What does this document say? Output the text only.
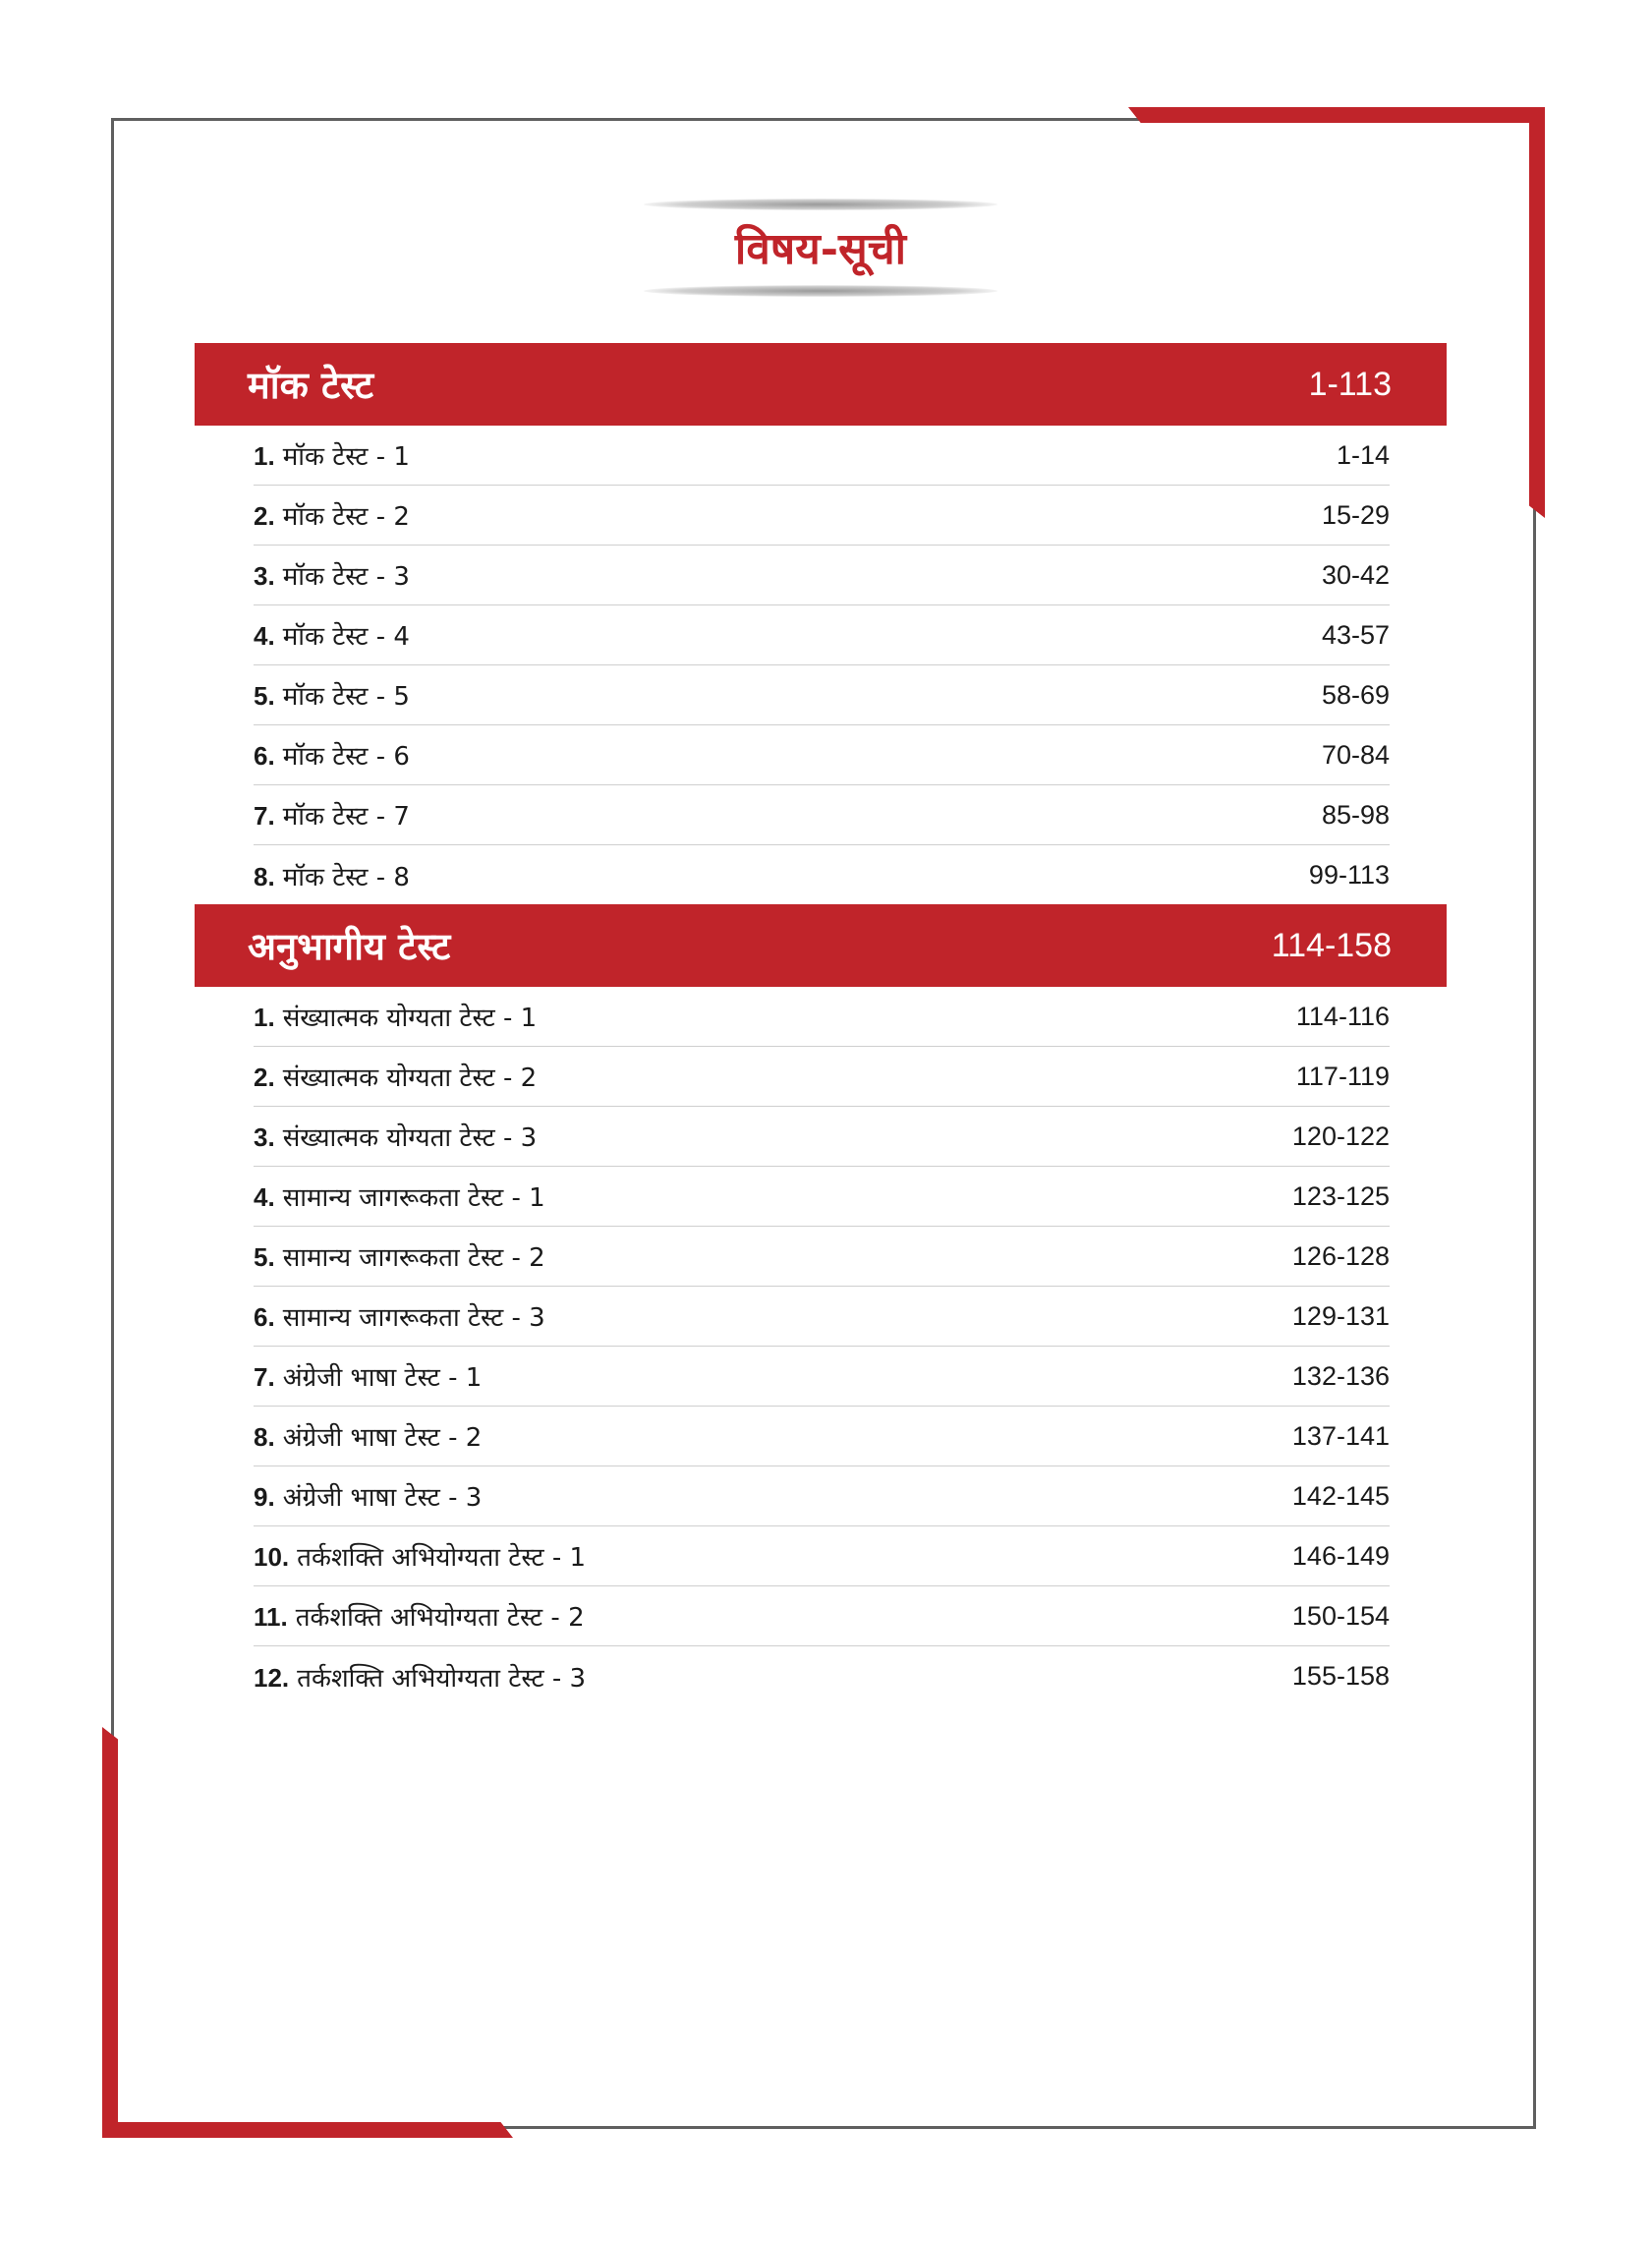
विषय-सूची
मॉक टेस्ट	1-113
1. मॉक टेस्ट - 1	1-14
2. मॉक टेस्ट - 2	15-29
3. मॉक टेस्ट - 3	30-42
4. मॉक टेस्ट - 4	43-57
5. मॉक टेस्ट - 5	58-69
6. मॉक टेस्ट - 6	70-84
7. मॉक टेस्ट - 7	85-98
8. मॉक टेस्ट - 8	99-113
अनुभागीय टेस्ट	114-158
1. संख्यात्मक योग्यता टेस्ट - 1	114-116
2. संख्यात्मक योग्यता टेस्ट - 2	117-119
3. संख्यात्मक योग्यता टेस्ट - 3	120-122
4. सामान्य जागरूकता टेस्ट - 1	123-125
5. सामान्य जागरूकता टेस्ट - 2	126-128
6. सामान्य जागरूकता टेस्ट - 3	129-131
7. अंग्रेजी भाषा टेस्ट - 1	132-136
8. अंग्रेजी भाषा टेस्ट - 2	137-141
9. अंग्रेजी भाषा टेस्ट - 3	142-145
10. तर्कशक्ति अभियोग्यता टेस्ट - 1	146-149
11. तर्कशक्ति अभियोग्यता टेस्ट - 2	150-154
12. तर्कशक्ति अभियोग्यता टेस्ट - 3	155-158
